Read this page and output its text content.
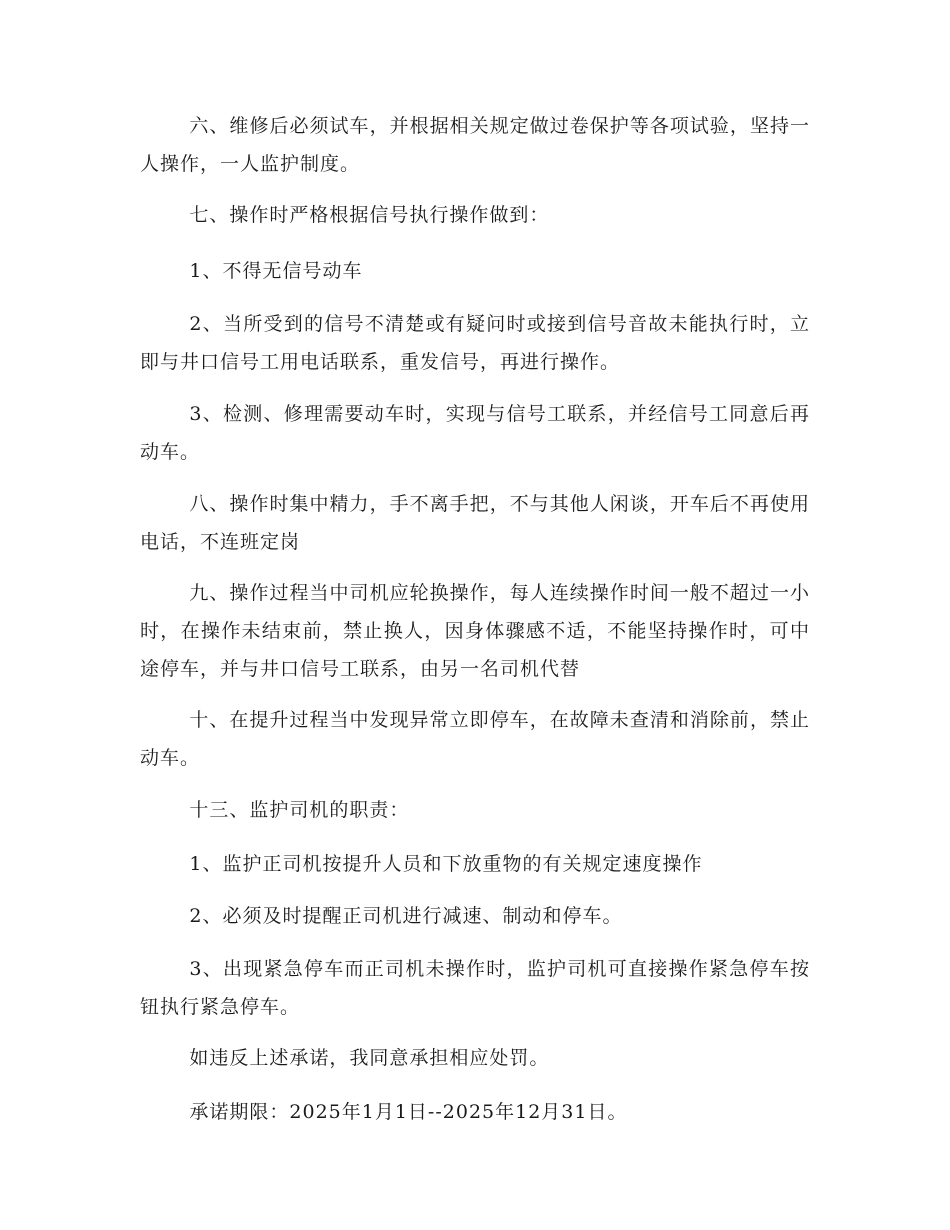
六、维修后必须试车，并根据相关规定做过卷保护等各项试验，坚持一人操作，一人监护制度。

七、操作时严格根据信号执行操作做到：

1、不得无信号动车

2、当所受到的信号不清楚或有疑问时或接到信号音故未能执行时，立即与井口信号工用电话联系，重发信号，再进行操作。

3、检测、修理需要动车时，实现与信号工联系，并经信号工同意后再动车。

八、操作时集中精力，手不离手把，不与其他人闲谈，开车后不再使用电话，不连班定岗

九、操作过程当中司机应轮换操作，每人连续操作时间一般不超过一小时，在操作未结束前，禁止换人，因身体骤感不适，不能坚持操作时，可中途停车，并与井口信号工联系，由另一名司机代替

十、在提升过程当中发现异常立即停车，在故障未查清和消除前，禁止动车。

十三、监护司机的职责：

1、监护正司机按提升人员和下放重物的有关规定速度操作

2、必须及时提醒正司机进行减速、制动和停车。

3、出现紧急停车而正司机未操作时，监护司机可直接操作紧急停车按钮执行紧急停车。

如违反上述承诺，我同意承担相应处罚。

承诺期限：2025年1月1日--2025年12月31日。
